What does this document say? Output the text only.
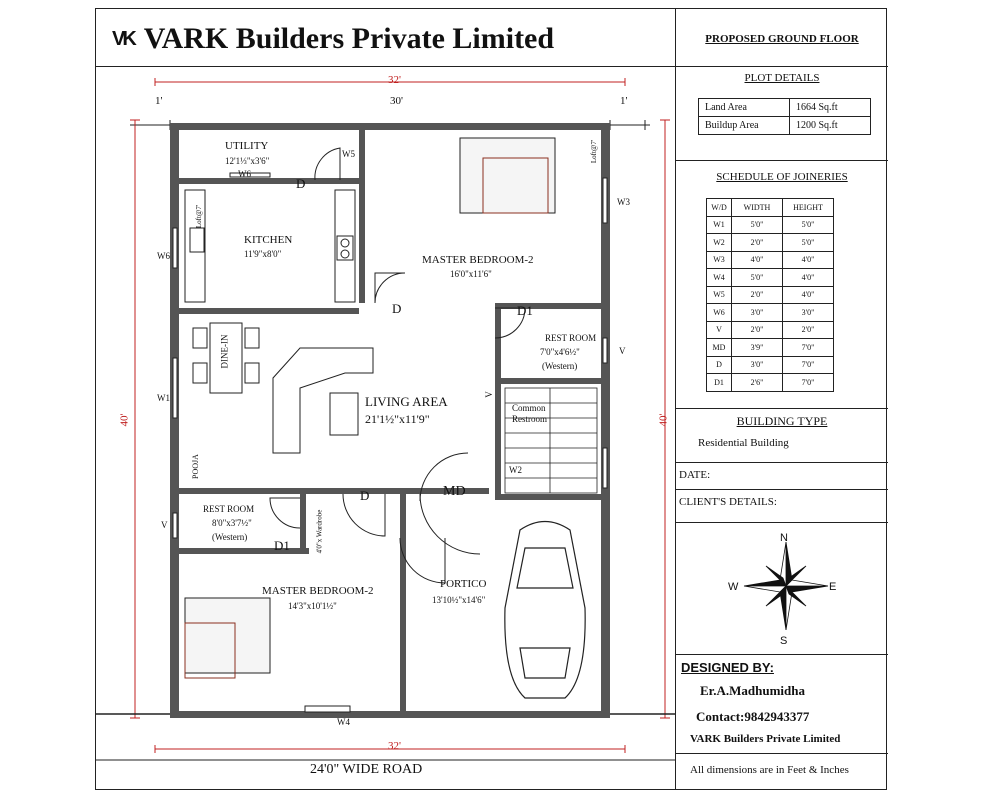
VK VARK Builders Private Limited
32'
30'
1'	1'
40'	40'
32'
24'0" WIDE ROAD
UTILITY
12'1⅓"x3'6"
KITCHEN
11'9"x8'0"	MASTER BEDROOM-2
16'0"x11'6"
REST ROOM
7'0"x4'6½"
(Western)
LIVING AREA
21'1½"x11'9"
DINE-IN
Common
Restroom
POOJA
REST ROOM
8'0"x3'7½"
(Western)
MASTER BEDROOM-2
14'3"x10'1½"
PORTICO
13'10½"x14'6"
W5
W6
D
W6
W3
W1
D	D1
V
V
W2
MD
D
D1
V
W4
4'0"x Wardrobe
Loft@7'
Loft@7'
PROPOSED GROUND FLOOR
PLOT DETAILS
Land Area	1664 Sq.ft
Buildup Area	1200 Sq.ft
SCHEDULE OF JOINERIES
W/D	WIDTH	HEIGHT
W1	5'0"	5'0"
W2	2'0"	5'0"
W3	4'0"	4'0"
W4	5'0"	4'0"
W5	2'0"	4'0"
W6	3'0"	3'0"
V	2'0"	2'0"
MD	3'9"	7'0"
D	3'0"	7'0"
D1	2'6"	7'0"
BUILDING TYPE
Residential Building
DATE:
CLIENT'S DETAILS:
N
S
W	E
DESIGNED BY:
Er.A.Madhumidha
Contact:9842943377
VARK Builders Private Limited
All dimensions are in Feet & Inches
